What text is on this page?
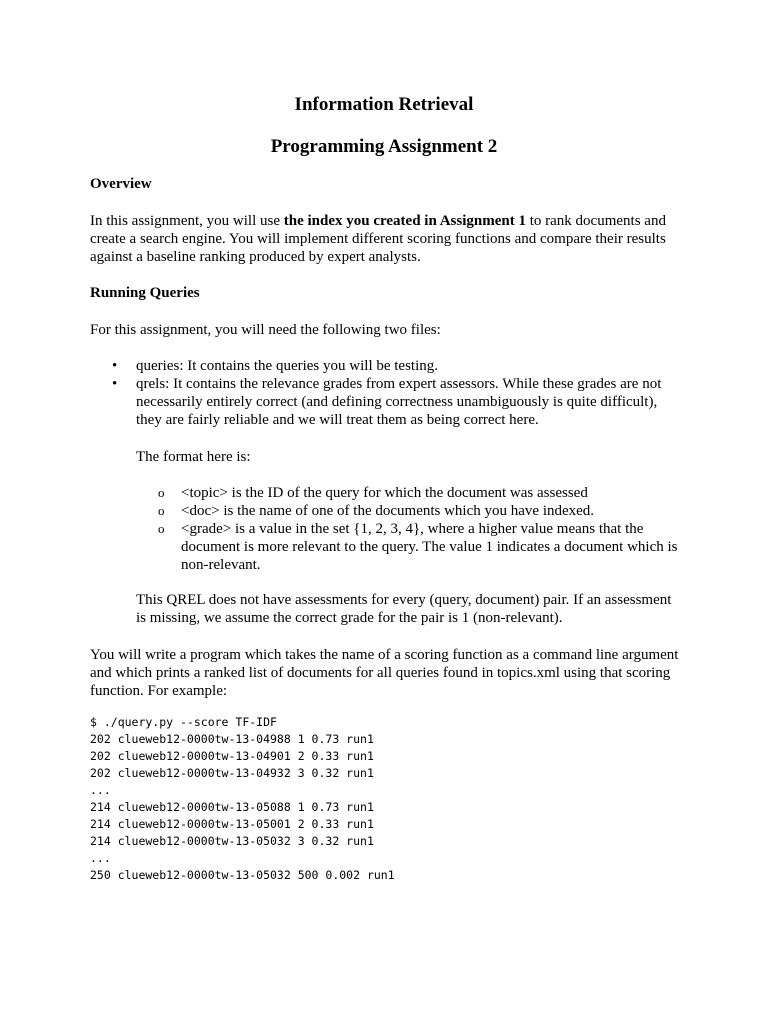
Information Retrieval
Programming Assignment 2
Overview

In this assignment, you will use the index you created in Assignment 1 to rank documents and create a search engine. You will implement different scoring functions and compare their results against a baseline ranking produced by expert analysts.

Running Queries

For this assignment, you will need the following two files:

• queries: It contains the queries you will be testing.
• qrels: It contains the relevance grades from expert assessors. While these grades are not necessarily entirely correct (and defining correctness unambiguously is quite difficult), they are fairly reliable and we will treat them as being correct here.

The format here is:

o <topic> is the ID of the query for which the document was assessed
o <doc> is the name of one of the documents which you have indexed.
o <grade> is a value in the set {1, 2, 3, 4}, where a higher value means that the document is more relevant to the query. The value 1 indicates a document which is non-relevant.

This QREL does not have assessments for every (query, document) pair. If an assessment is missing, we assume the correct grade for the pair is 1 (non-relevant).

You will write a program which takes the name of a scoring function as a command line argument and which prints a ranked list of documents for all queries found in topics.xml using that scoring function. For example:

$ ./query.py --score TF-IDF
202 clueweb12-0000tw-13-04988 1 0.73 run1
202 clueweb12-0000tw-13-04901 2 0.33 run1
202 clueweb12-0000tw-13-04932 3 0.32 run1
...
214 clueweb12-0000tw-13-05088 1 0.73 run1
214 clueweb12-0000tw-13-05001 2 0.33 run1
214 clueweb12-0000tw-13-05032 3 0.32 run1
...
250 clueweb12-0000tw-13-05032 500 0.002 run1
